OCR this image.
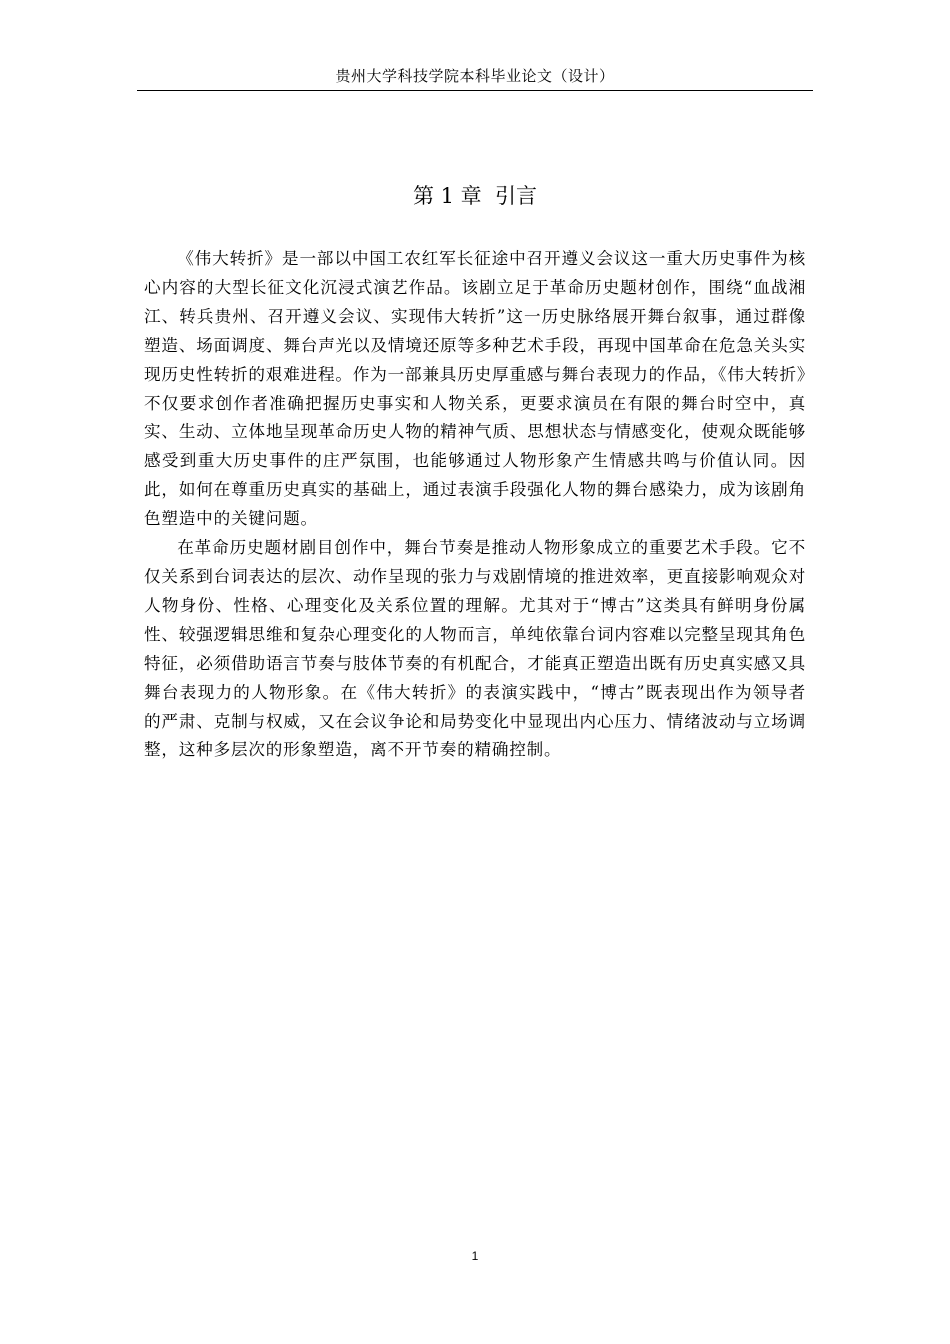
贵州大学科技学院本科毕业论文（设计）
第 1 章 引言

《伟大转折》是一部以中国工农红军长征途中召开遵义会议这一重大历史事件为核心内容的大型长征文化沉浸式演艺作品。该剧立足于革命历史题材创作，围绕“血战湘江、转兵贵州、召开遵义会议、实现伟大转折”这一历史脉络展开舞台叙事，通过群像塑造、场面调度、舞台声光以及情境还原等多种艺术手段，再现中国革命在危急关头实现历史性转折的艰难进程。作为一部兼具历史厚重感与舞台表现力的作品，《伟大转折》不仅要求创作者准确把握历史事实和人物关系，更要求演员在有限的舞台时空中，真实、生动、立体地呈现革命历史人物的精神气质、思想状态与情感变化，使观众既能够感受到重大历史事件的庄严氛围，也能够通过人物形象产生情感共鸣与价值认同。因此，如何在尊重历史真实的基础上，通过表演手段强化人物的舞台感染力，成为该剧角色塑造中的关键问题。

在革命历史题材剧目创作中，舞台节奏是推动人物形象成立的重要艺术手段。它不仅关系到台词表达的层次、动作呈现的张力与戏剧情境的推进效率，更直接影响观众对人物身份、性格、心理变化及关系位置的理解。尤其对于“博古”这类具有鲜明身份属性、较强逻辑思维和复杂心理变化的人物而言，单纯依靠台词内容难以完整呈现其角色特征，必须借助语言节奏与肢体节奏的有机配合，才能真正塑造出既有历史真实感又具舞台表现力的人物形象。在《伟大转折》的表演实践中，“博古”既表现出作为领导者的严肃、克制与权威，又在会议争论和局势变化中显现出内心压力、情绪波动与立场调整，这种多层次的形象塑造，离不开节奏的精确控制。

1
